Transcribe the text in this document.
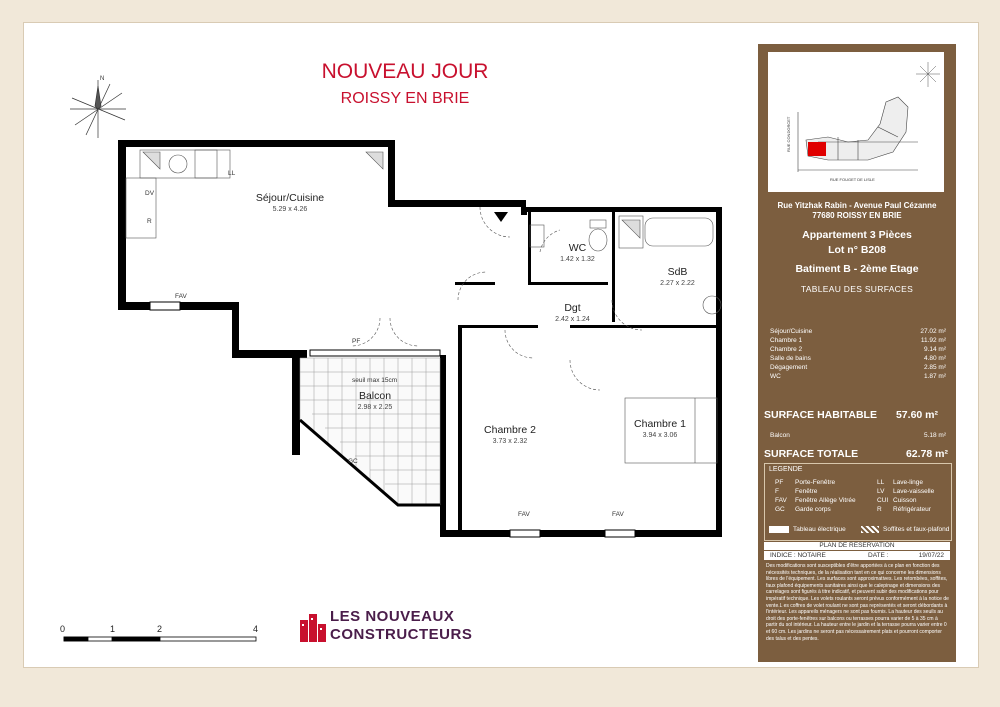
NOUVEAU JOUR
ROISSY EN BRIE
N
Séjour/Cuisine
5.29 x 4.26
WC
1.42 x 1.32
SdB
2.27 x 2.22
Dgt
2.42 x 1.24
Balcon
2.98 x 2.25
Chambre 2
3.73 x 2.32
Chambre 1
3.94 x 3.06
FAV
FAV	FAV
PF
GC
seuil max 15cm
LL
DV
R
0	1	2	4
LES NOUVEAUX
CONSTRUCTEURS
RUE CONDORCET
RUE FOUGET DE LISLE
Rue Yitzhak Rabin - Avenue Paul Cézanne
77680 ROISSY EN BRIE
Appartement 3 Pièces
Lot n° B208
Batiment B - 2ème Etage
TABLEAU DES SURFACES
Séjour/Cuisine	27.02 m²
Chambre 1	11.92 m²
Chambre 2	9.14 m²
Salle de bains	4.80 m²
Dégagement	2.85 m²
WC	1.87 m²
SURFACE HABITABLE 57.60 m²
Balcon	5.18 m²
SURFACE TOTALE	62.78 m²
LEGENDE
PF Porte-Fenêtre
F Fenêtre
FAV Fenêtre Allège Vitrée
GC Garde corps
LL Lave-linge
LV Lave-vaisselle
CUI Cuisson
R Réfrigérateur
Tableau électrique	Soffites et faux-plafond
PLAN DE RESERVATION
INDICE : NOTAIRE	DATE :	19/07/22
Des modifications sont susceptibles d'être apportées à ce plan en fonction des nécessités techniques, de la réalisation tant en ce qui concerne les dimensions libres de l'équipement. Les surfaces sont approximatives. Les retombées, soffites, faux plafond équipements sanitaires ainsi que le calepinage et dimensions des carrelages sont figurés à titre indicatif, et peuvent subir des modifications pour impératif technique. Les volets roulants seront prévus conformément à la notice de vente.L es coffres de volet roulant ne sont pas représentés et seront débordants à l'intérieur. Les appareils ménagers ne sont pas fournis. La hauteur des seuils au droit des porte-fenêtres sur balcons ou terrasses pourra varier de 5 à 35 cm à partir du sol intérieur. La hauteur entre le jardin et la terrasse pourra varier entre 0 et 60 cm. Les jardins ne seront pas nécessairement plats et pourront comporter des talus et des pentes.
